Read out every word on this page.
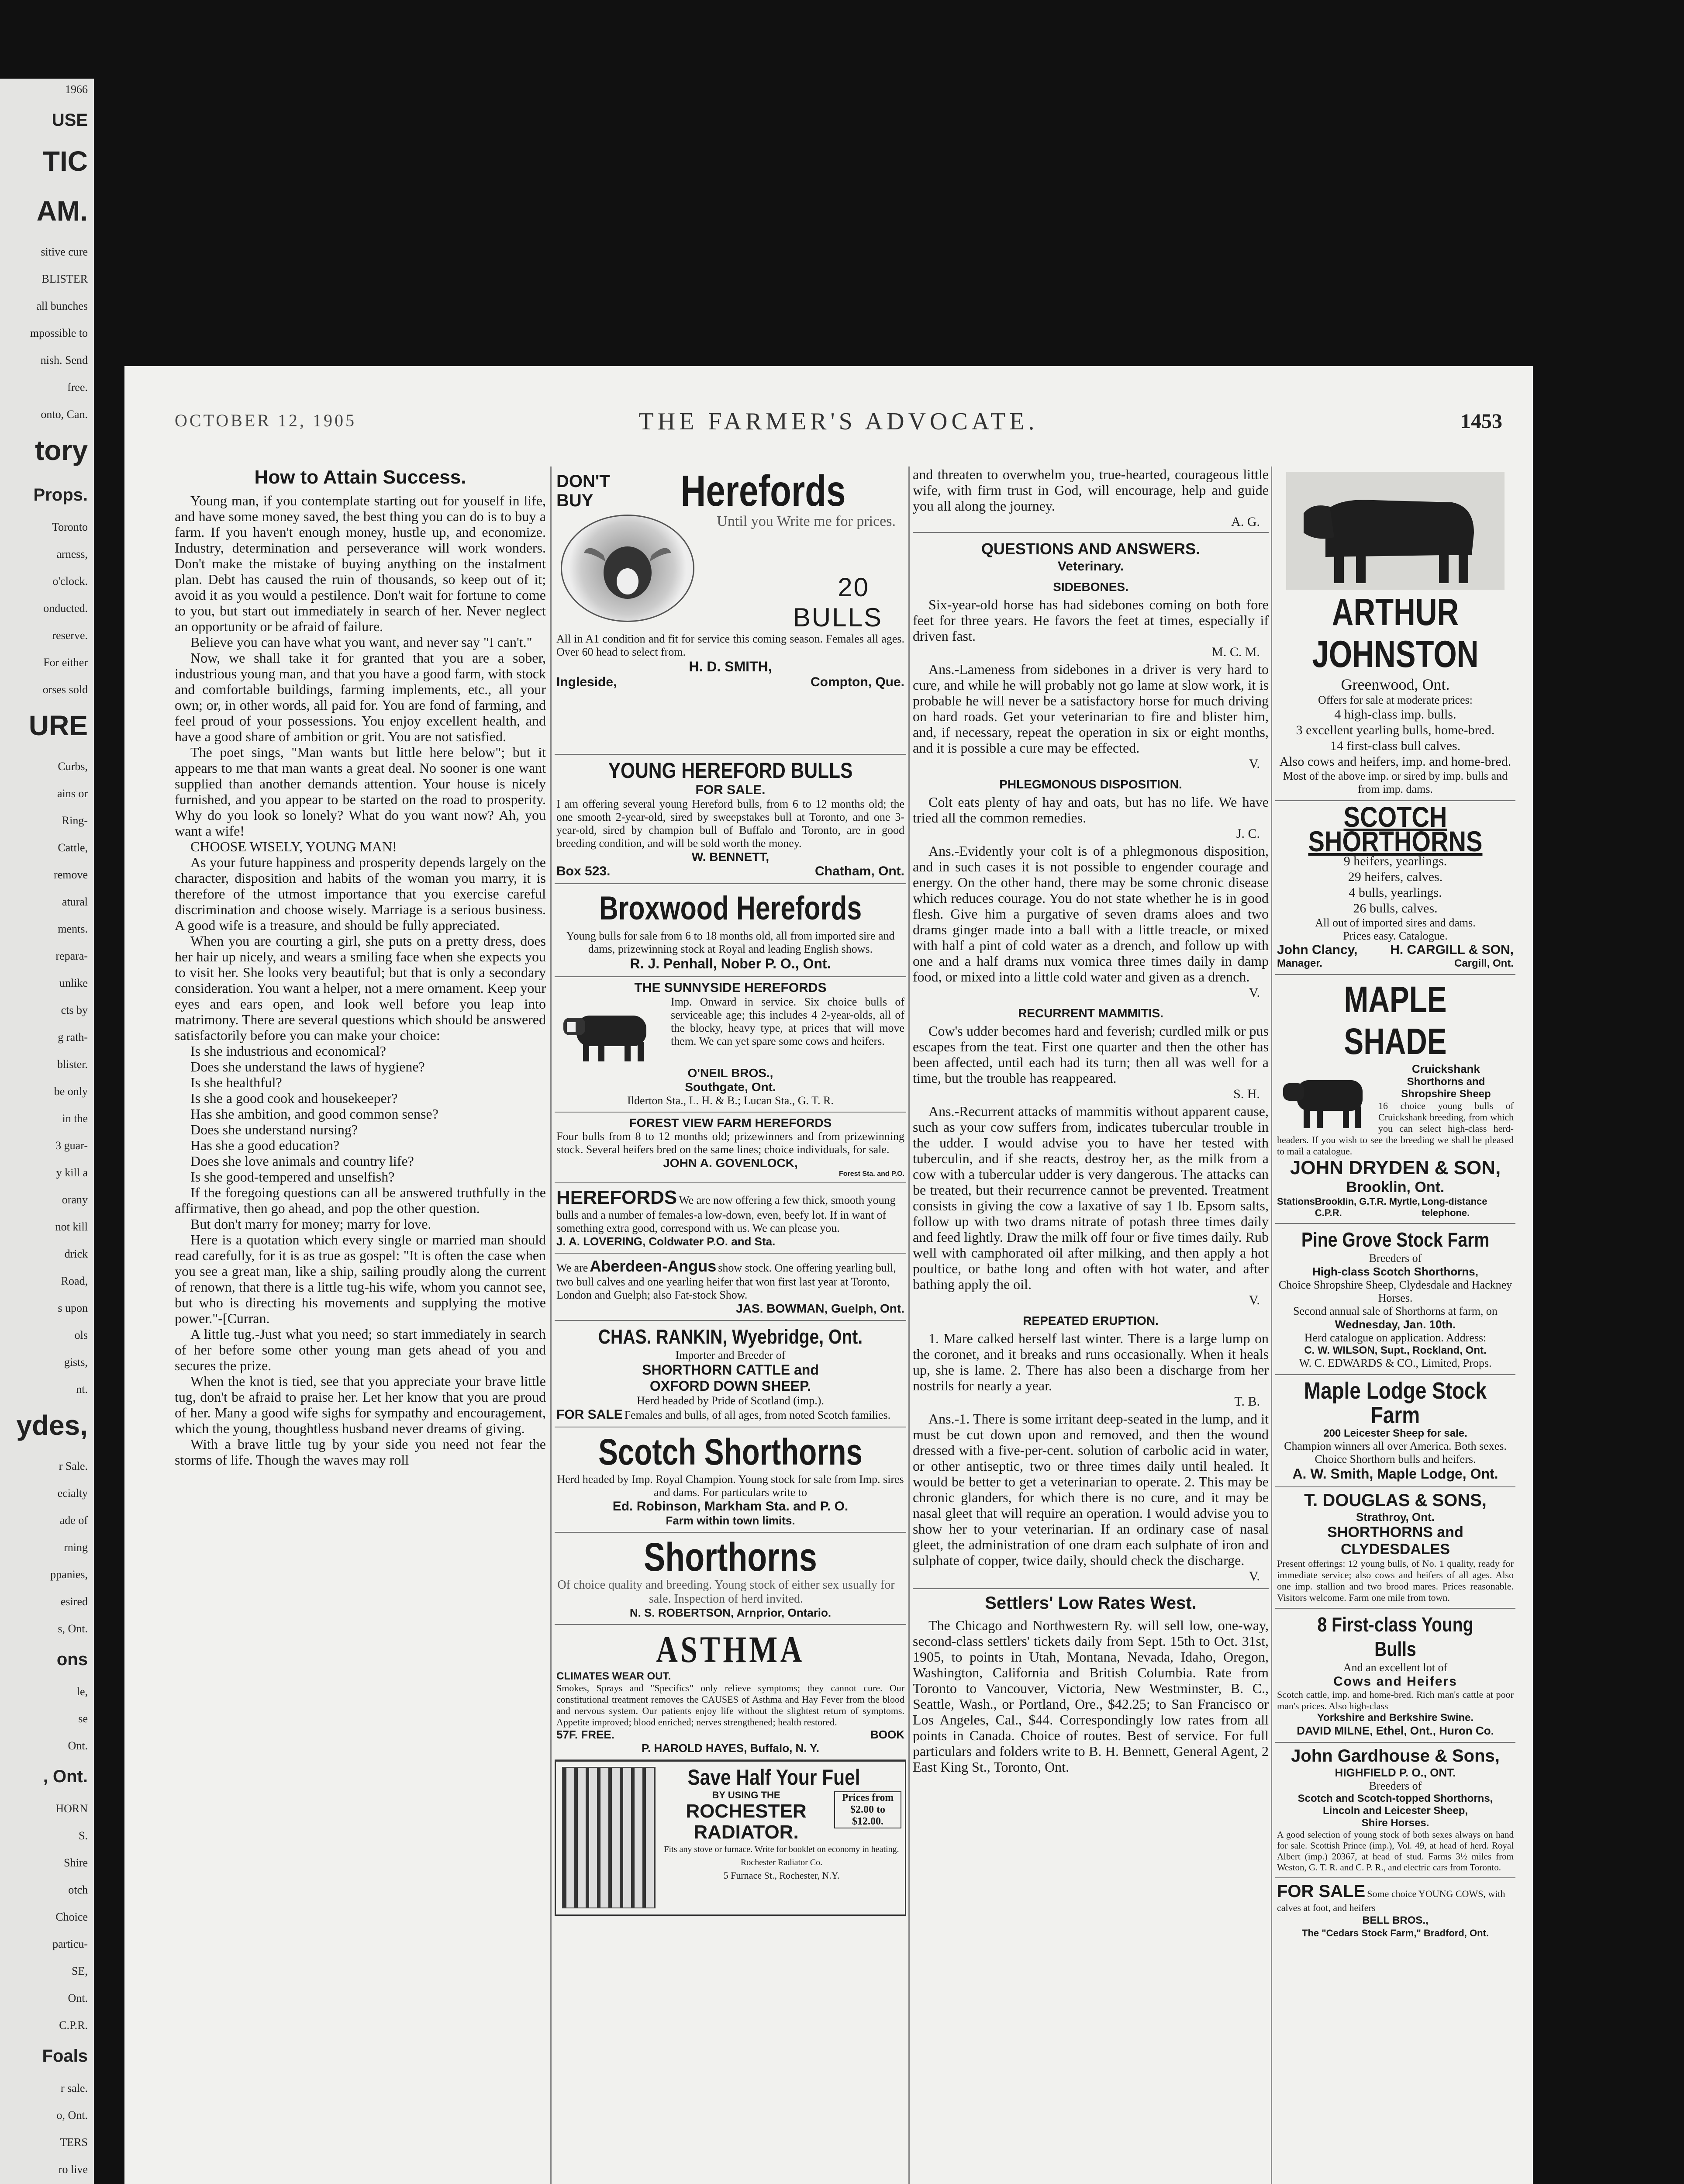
1966
USE
TIC
AM.
sitive cure
BLISTER
all bunches
mpossible to
nish. Send
free.
onto, Can.
tory
Props.
Toronto
arness,
o'clock.
onducted.
reserve.
For either
orses sold
URE
Curbs,
ains or
Ring-
Cattle,
remove
atural
ments.
repara-
unlike
cts by
g rath-
blister.
be only
in the
3 guar-
y kill a
orany
not kill
drick
Road,
s upon
ols
gists,
nt.
ydes,
r Sale.
ecialty
ade of
rning
ppanies,
esired
s, Ont.
ons
le,
se
Ont.
, Ont.
HORN
S.
Shire
otch
Choice
particu-
SE,
Ont.
C.P.R.
Foals
r sale.
o, Ont.
TERS
ro live
OCTOBER 12, 1905	THE FARMER'S ADVOCATE.	1453
How to Attain Success.

Young man, if you contemplate starting out for youself in life, and have some money saved, the best thing you can do is to buy a farm. If you haven't enough money, hustle up, and economize. Industry, determination and perseverance will work wonders. Don't make the mistake of buying anything on the instalment plan. Debt has caused the ruin of thousands, so keep out of it; avoid it as you would a pestilence. Don't wait for fortune to come to you, but start out immediately in search of her. Never neglect an opportunity or be afraid of failure.

Believe you can have what you want, and never say "I can't."

Now, we shall take it for granted that you are a sober, industrious young man, and that you have a good farm, with stock and comfortable buildings, farming implements, etc., all your own; or, in other words, all paid for. You are fond of farming, and feel proud of your possessions. You enjoy excellent health, and have a good share of ambition or grit. You are not satisfied.

The poet sings, "Man wants but little here below"; but it appears to me that man wants a great deal. No sooner is one want supplied than another demands attention. Your house is nicely furnished, and you appear to be started on the road to prosperity. Why do you look so lonely? What do you want now? Ah, you want a wife!

CHOOSE WISELY, YOUNG MAN!

As your future happiness and prosperity depends largely on the character, disposition and habits of the woman you marry, it is therefore of the utmost importance that you exercise careful discrimination and choose wisely. Marriage is a serious business. A good wife is a treasure, and should be fully appreciated.

When you are courting a girl, she puts on a pretty dress, does her hair up nicely, and wears a smiling face when she expects you to visit her. She looks very beautiful; but that is only a secondary consideration. You want a helper, not a mere ornament. Keep your eyes and ears open, and look well before you leap into matrimony. There are several questions which should be answered satisfactorily before you can make your choice:

Is she industrious and economical?

Does she understand the laws of hygiene?

Is she healthful?

Is she a good cook and housekeeper?

Has she ambition, and good common sense?

Does she understand nursing?

Has she a good education?

Does she love animals and country life?

Is she good-tempered and unselfish?

If the foregoing questions can all be answered truthfully in the affirmative, then go ahead, and pop the other question.

But don't marry for money; marry for love.

Here is a quotation which every single or married man should read carefully, for it is as true as gospel: "It is often the case when you see a great man, like a ship, sailing proudly along the current of renown, that there is a little tug-his wife, whom you cannot see, but who is directing his movements and supplying the motive power."-[Curran.

A little tug.-Just what you need; so start immediately in search of her before some other young man gets ahead of you and secures the prize.

When the knot is tied, see that you appreciate your brave little tug, don't be afraid to praise her. Let her know that you are proud of her. Many a good wife sighs for sympathy and encouragement, which the young, thoughtless husband never dreams of giving.

With a brave little tug by your side you need not fear the storms of life. Though the waves may roll

DON'T BUY	Herefords
Until you Write me for prices.
20
BULLS
All in A1 condition and fit for service this coming season. Females all ages. Over 60 head to select from.
H. D. SMITH,
Ingleside,	Compton, Que.
YOUNG HEREFORD BULLS
FOR SALE.
I am offering several young Hereford bulls, from 6 to 12 months old; the one smooth 2-year-old, sired by sweepstakes bull at Toronto, and one 3-year-old, sired by champion bull of Buffalo and Toronto, are in good breeding condition, and will be sold worth the money.
W. BENNETT,
Box 523.	Chatham, Ont.
Broxwood Herefords
Young bulls for sale from 6 to 18 months old, all from imported sire and dams, prizewinning stock at Royal and leading English shows.
R. J. Penhall, Nober P. O., Ont.
THE SUNNYSIDE HEREFORDS
Imp. Onward in service. Six choice bulls of serviceable age; this includes 4 2-year-olds, all of the blocky, heavy type, at prices that will move them. We can yet spare some cows and heifers.
O'NEIL BROS.,
Southgate, Ont.
Ilderton Sta., L. H. & B.; Lucan Sta., G. T. R.
FOREST VIEW FARM HEREFORDS
Four bulls from 8 to 12 months old; prizewinners and from prizewinning stock. Several heifers bred on the same lines; choice individuals, for sale.
JOHN A. GOVENLOCK,
Forest Sta. and P.O.
HEREFORDS We are now offering a few thick, smooth young bulls and a number of females-a low-down, even, beefy lot. If in want of something extra good, correspond with us. We can please you.
J. A. LOVERING, Coldwater P.O. and Sta.
We are Aberdeen-Angus show stock. One offering yearling bull, two bull calves and one yearling heifer that won first last year at Toronto, London and Guelph; also Fat-stock Show.
JAS. BOWMAN, Guelph, Ont.
CHAS. RANKIN, Wyebridge, Ont.
Importer and Breeder of
SHORTHORN CATTLE and
OXFORD DOWN SHEEP.
Herd headed by Pride of Scotland (imp.).
FOR SALE Females and bulls, of all ages, from noted Scotch families.
Scotch Shorthorns
Herd headed by Imp. Royal Champion. Young stock for sale from Imp. sires and dams. For particulars write to
Ed. Robinson, Markham Sta. and P. O.
Farm within town limits.
Shorthorns
Of choice quality and breeding. Young stock of either sex usually for sale. Inspection of herd invited.
N. S. ROBERTSON, Arnprior, Ontario.
ASTHMA
CLIMATES WEAR OUT.
Smokes, Sprays and "Specifics" only relieve symptoms; they cannot cure. Our constitutional treatment removes the CAUSES of Asthma and Hay Fever from the blood and nervous system. Our patients enjoy life without the slightest return of symptoms. Appetite improved; blood enriched; nerves strengthened; health restored.
57F. FREE.	BOOK
P. HAROLD HAYES, Buffalo, N. Y.
Save Half Your Fuel
Prices from
$2.00 to
$12.00.
BY USING THE
ROCHESTER RADIATOR.
Fits any stove or furnace. Write for booklet on economy in heating.
Rochester Radiator Co.
5 Furnace St., Rochester, N.Y.

and threaten to overwhelm you, true-hearted, courageous little wife, with firm trust in God, will encourage, help and guide you all along the journey.

A. G.
QUESTIONS AND ANSWERS.
Veterinary.
SIDEBONES.

Six-year-old horse has had sidebones coming on both fore feet for three years. He favors the feet at times, especially if driven fast.

M. C. M.

Ans.-Lameness from sidebones in a driver is very hard to cure, and while he will probably not go lame at slow work, it is probable he will never be a satisfactory horse for much driving on hard roads. Get your veterinarian to fire and blister him, and, if necessary, repeat the operation in six or eight months, and it is possible a cure may be effected.

V.
PHLEGMONOUS DISPOSITION.

Colt eats plenty of hay and oats, but has no life. We have tried all the common remedies.

J. C.

Ans.-Evidently your colt is of a phlegmonous disposition, and in such cases it is not possible to engender courage and energy. On the other hand, there may be some chronic disease which reduces courage. You do not state whether he is in good flesh. Give him a purgative of seven drams aloes and two drams ginger made into a ball with a little treacle, or mixed with half a pint of cold water as a drench, and follow up with one and a half drams nux vomica three times daily in damp food, or mixed into a little cold water and given as a drench.

V.
RECURRENT MAMMITIS.

Cow's udder becomes hard and feverish; curdled milk or pus escapes from the teat. First one quarter and then the other has been affected, until each had its turn; then all was well for a time, but the trouble has reappeared.

S. H.

Ans.-Recurrent attacks of mammitis without apparent cause, such as your cow suffers from, indicates tubercular trouble in the udder. I would advise you to have her tested with tuberculin, and if she reacts, destroy her, as the milk from a cow with a tubercular udder is very dangerous. The attacks can be treated, but their recurrence cannot be prevented. Treatment consists in giving the cow a laxative of say 1 lb. Epsom salts, follow up with two drams nitrate of potash three times daily and feed lightly. Draw the milk off four or five times daily. Rub well with camphorated oil after milking, and then apply a hot poultice, or bathe long and often with hot water, and after bathing apply the oil.

V.
REPEATED ERUPTION.

1. Mare calked herself last winter. There is a large lump on the coronet, and it breaks and runs occasionally. When it heals up, she is lame. 2. There has also been a discharge from her nostrils for nearly a year.

T. B.

Ans.-1. There is some irritant deep-seated in the lump, and it must be cut down upon and removed, and then the wound dressed with a five-per-cent. solution of carbolic acid in water, or other antiseptic, two or three times daily until healed. It would be better to get a veterinarian to operate. 2. This may be chronic glanders, for which there is no cure, and it may be nasal gleet that will require an operation. I would advise you to show her to your veterinarian. If an ordinary case of nasal gleet, the administration of one dram each sulphate of iron and sulphate of copper, twice daily, should check the discharge.

V.
Settlers' Low Rates West.

The Chicago and Northwestern Ry. will sell low, one-way, second-class settlers' tickets daily from Sept. 15th to Oct. 31st, 1905, to points in Utah, Montana, Nevada, Idaho, Oregon, Washington, California and British Columbia. Rate from Toronto to Vancouver, Victoria, New Westminster, B. C., Seattle, Wash., or Portland, Ore., $42.25; to San Francisco or Los Angeles, Cal., $44. Correspondingly low rates from all points in Canada. Choice of routes. Best of service. For full particulars and folders write to B. H. Bennett, General Agent, 2 East King St., Toronto, Ont.

ARTHUR JOHNSTON
Greenwood, Ont.
Offers for sale at moderate prices:
4 high-class imp. bulls.
3 excellent yearling bulls, home-bred.
14 first-class bull calves.
Also cows and heifers, imp. and home-bred.
Most of the above imp. or sired by imp. bulls and from imp. dams.
SCOTCH SHORTHORNS
9 heifers, yearlings.
29 heifers, calves.
4 bulls, yearlings.
26 bulls, calves.
All out of imported sires and dams.
Prices easy. Catalogue.
John Clancy, H. CARGILL & SON,
Manager.	Cargill, Ont.
MAPLE SHADE
Cruickshank
Shorthorns and Shropshire Sheep
16 choice young bulls of Cruickshank breeding, from which you can select high-class herd-headers. If you wish to see the breeding we shall be pleased to mail a catalogue.
JOHN DRYDEN & SON,
Brooklin, Ont.
Stations Brooklin, G.T.R. Myrtle, C.P.R.
Long-distance telephone.
Pine Grove Stock Farm
Breeders of
High-class Scotch Shorthorns,
Choice Shropshire Sheep, Clydesdale and Hackney Horses.
Second annual sale of Shorthorns at farm, on
Wednesday, Jan. 10th.
Herd catalogue on application. Address:
C. W. WILSON, Supt., Rockland, Ont.
W. C. EDWARDS & CO., Limited, Props.
Maple Lodge Stock Farm
200 Leicester Sheep for sale.
Champion winners all over America. Both sexes. Choice Shorthorn bulls and heifers.
A. W. Smith, Maple Lodge, Ont.
T. DOUGLAS & SONS,
Strathroy, Ont.
SHORTHORNS and CLYDESDALES
Present offerings: 12 young bulls, of No. 1 quality, ready for immediate service; also cows and heifers of all ages. Also one imp. stallion and two brood mares. Prices reasonable. Visitors welcome. Farm one mile from town.
8 First-class Young Bulls
And an excellent lot of
Cows and Heifers
Scotch cattle, imp. and home-bred. Rich man's cattle at poor man's prices. Also high-class
Yorkshire and Berkshire Swine.
DAVID MILNE, Ethel, Ont., Huron Co.
John Gardhouse & Sons,
HIGHFIELD P. O., ONT.
Breeders of
Scotch and Scotch-topped Shorthorns,
Lincoln and Leicester Sheep,
Shire Horses.
A good selection of young stock of both sexes always on hand for sale. Scottish Prince (imp.), Vol. 49, at head of herd. Royal Albert (imp.) 20367, at head of stud. Farms 3½ miles from Weston, G. T. R. and C. P. R., and electric cars from Toronto.
FOR SALE Some choice YOUNG COWS, with calves at foot, and heifers
BELL BROS.,
The "Cedars Stock Farm," Bradford, Ont.
